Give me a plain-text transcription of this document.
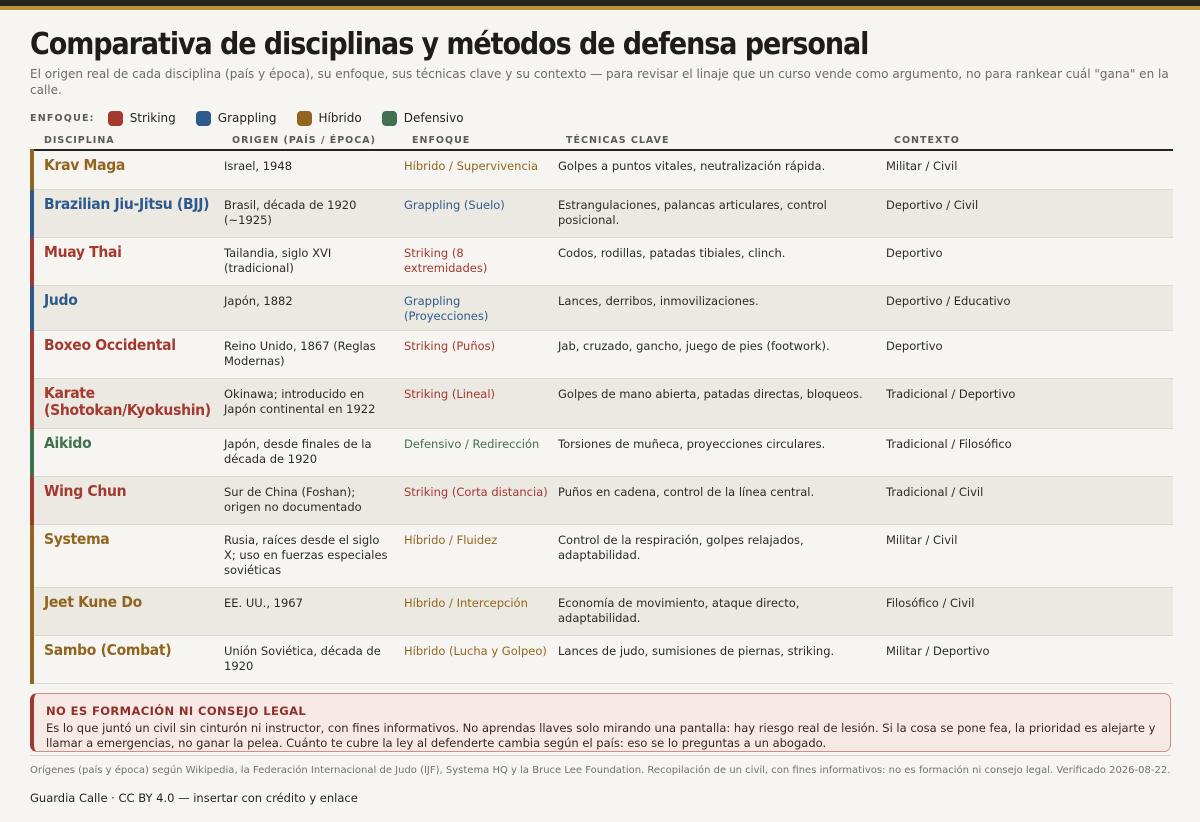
Comparativa de disciplinas y métodos de defensa personal

El origen real de cada disciplina (país y época), su enfoque, sus técnicas clave y su contexto — para revisar el linaje que un curso vende como argumento, no para rankear cuál "gana" en la calle.

ENFOQUE:	Striking	Grappling	Híbrido	Defensivo
DISCIPLINA	ORIGEN (PAÍS / ÉPOCA)	ENFOQUE	TÉCNICAS CLAVE	CONTEXTO
Krav Maga	Israel, 1948	Híbrido / Supervivencia	Golpes a puntos vitales, neutralización rápida.	Militar / Civil
Brazilian Jiu-Jitsu (BJJ)	Brasil, década de 1920 (~1925)	Grappling (Suelo)	Estrangulaciones, palancas articulares, control posicional.	Deportivo / Civil
Muay Thai	Tailandia, siglo XVI (tradicional)	Striking (8 extremidades)	Codos, rodillas, patadas tibiales, clinch.	Deportivo
Judo	Japón, 1882	Grappling (Proyecciones)	Lances, derribos, inmovilizaciones.	Deportivo / Educativo
Boxeo Occidental	Reino Unido, 1867 (Reglas Modernas)	Striking (Puños)	Jab, cruzado, gancho, juego de pies (footwork).	Deportivo
Karate (Shotokan/Kyokushin)	Okinawa; introducido en Japón continental en 1922	Striking (Lineal)	Golpes de mano abierta, patadas directas, bloqueos.	Tradicional / Deportivo
Aikido	Japón, desde finales de la década de 1920	Defensivo / Redirección	Torsiones de muñeca, proyecciones circulares.	Tradicional / Filosófico
Wing Chun	Sur de China (Foshan); origen no documentado	Striking (Corta distancia)	Puños en cadena, control de la línea central.	Tradicional / Civil
Systema	Rusia, raíces desde el siglo X; uso en fuerzas especiales soviéticas	Híbrido / Fluidez	Control de la respiración, golpes relajados, adaptabilidad.	Militar / Civil
Jeet Kune Do	EE. UU., 1967	Híbrido / Intercepción	Economía de movimiento, ataque directo, adaptabilidad.	Filosófico / Civil
Sambo (Combat)	Unión Soviética, década de 1920	Híbrido (Lucha y Golpeo)	Lances de judo, sumisiones de piernas, striking.	Militar / Deportivo
NO ES FORMACIÓN NI CONSEJO LEGAL
Es lo que juntó un civil sin cinturón ni instructor, con fines informativos. No aprendas llaves solo mirando una pantalla: hay riesgo real de lesión. Si la cosa se pone fea, la prioridad es alejarte y llamar a emergencias, no ganar la pelea. Cuánto te cubre la ley al defenderte cambia según el país: eso se lo preguntas a un abogado.
Orígenes (país y época) según Wikipedia, la Federación Internacional de Judo (IJF), Systema HQ y la Bruce Lee Foundation. Recopilación de un civil, con fines informativos: no es formación ni consejo legal. Verificado 2026-08-22.
Guardia Calle · CC BY 4.0 — insertar con crédito y enlace
